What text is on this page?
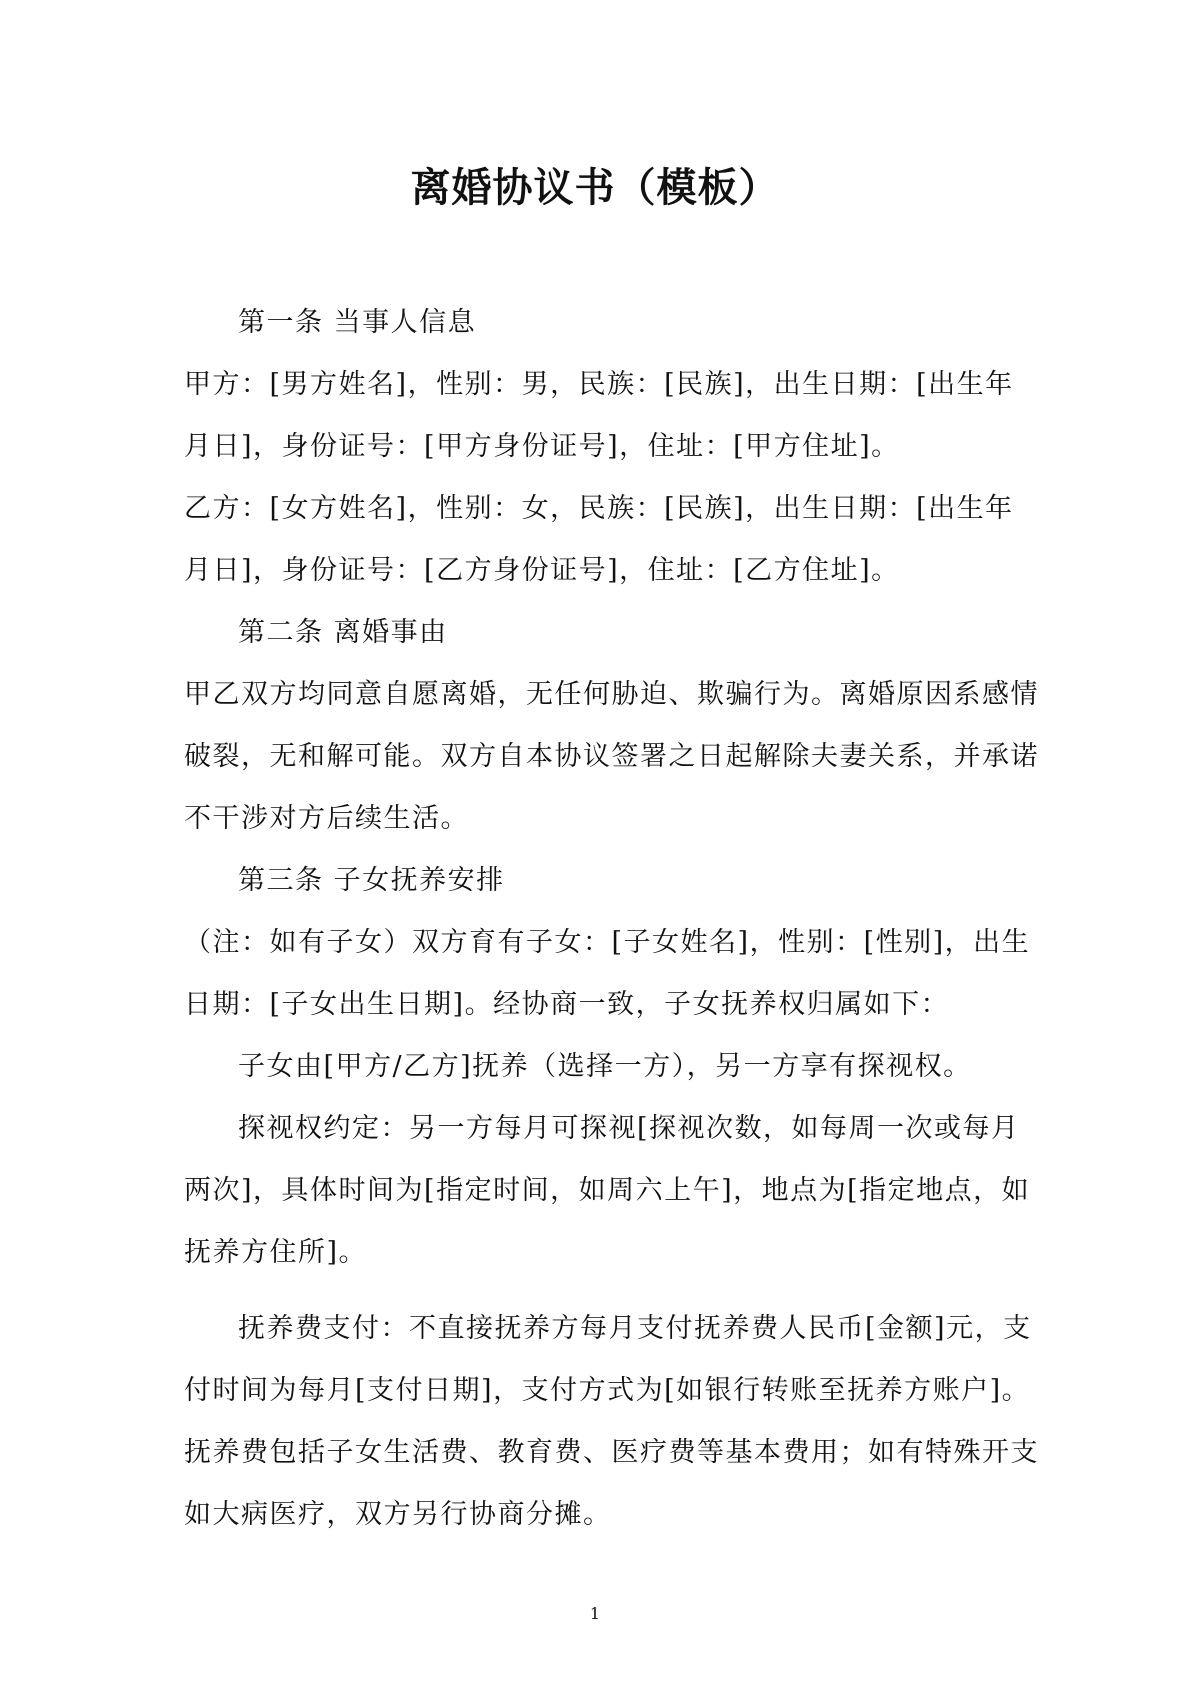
离婚协议书（模板）
第一条 当事人信息
甲方：[男方姓名]，性别：男，民族：[民族]，出生日期：[出生年
月日]，身份证号：[甲方身份证号]，住址：[甲方住址]。
乙方：[女方姓名]，性别：女，民族：[民族]，出生日期：[出生年
月日]，身份证号：[乙方身份证号]，住址：[乙方住址]。
第二条 离婚事由
甲乙双方均同意自愿离婚，无任何胁迫、欺骗行为。离婚原因系感情
破裂，无和解可能。双方自本协议签署之日起解除夫妻关系，并承诺
不干涉对方后续生活。
第三条 子女抚养安排
（注：如有子女）双方育有子女：[子女姓名]，性别：[性别]，出生
日期：[子女出生日期]。经协商一致，子女抚养权归属如下：
子女由[甲方/乙方]抚养（选择一方），另一方享有探视权。
探视权约定：另一方每月可探视[探视次数，如每周一次或每月
两次]，具体时间为[指定时间，如周六上午]，地点为[指定地点，如
抚养方住所]。
抚养费支付：不直接抚养方每月支付抚养费人民币[金额]元，支
付时间为每月[支付日期]，支付方式为[如银行转账至抚养方账户]。
抚养费包括子女生活费、教育费、医疗费等基本费用；如有特殊开支
如大病医疗，双方另行协商分摊。
1
